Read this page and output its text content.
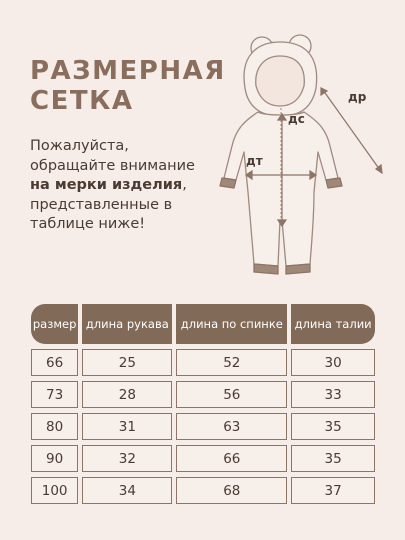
РАЗМЕРНАЯ
СЕТКА
Пожалуйста, обращайте внимание на мерки изделия, представленные в таблице ниже!
др
дс
дт
размер	длина рукава	длина по спинке	длина талии
66	25	52	30
73	28	56	33
80	31	63	35
90	32	66	35
100	34	68	37
